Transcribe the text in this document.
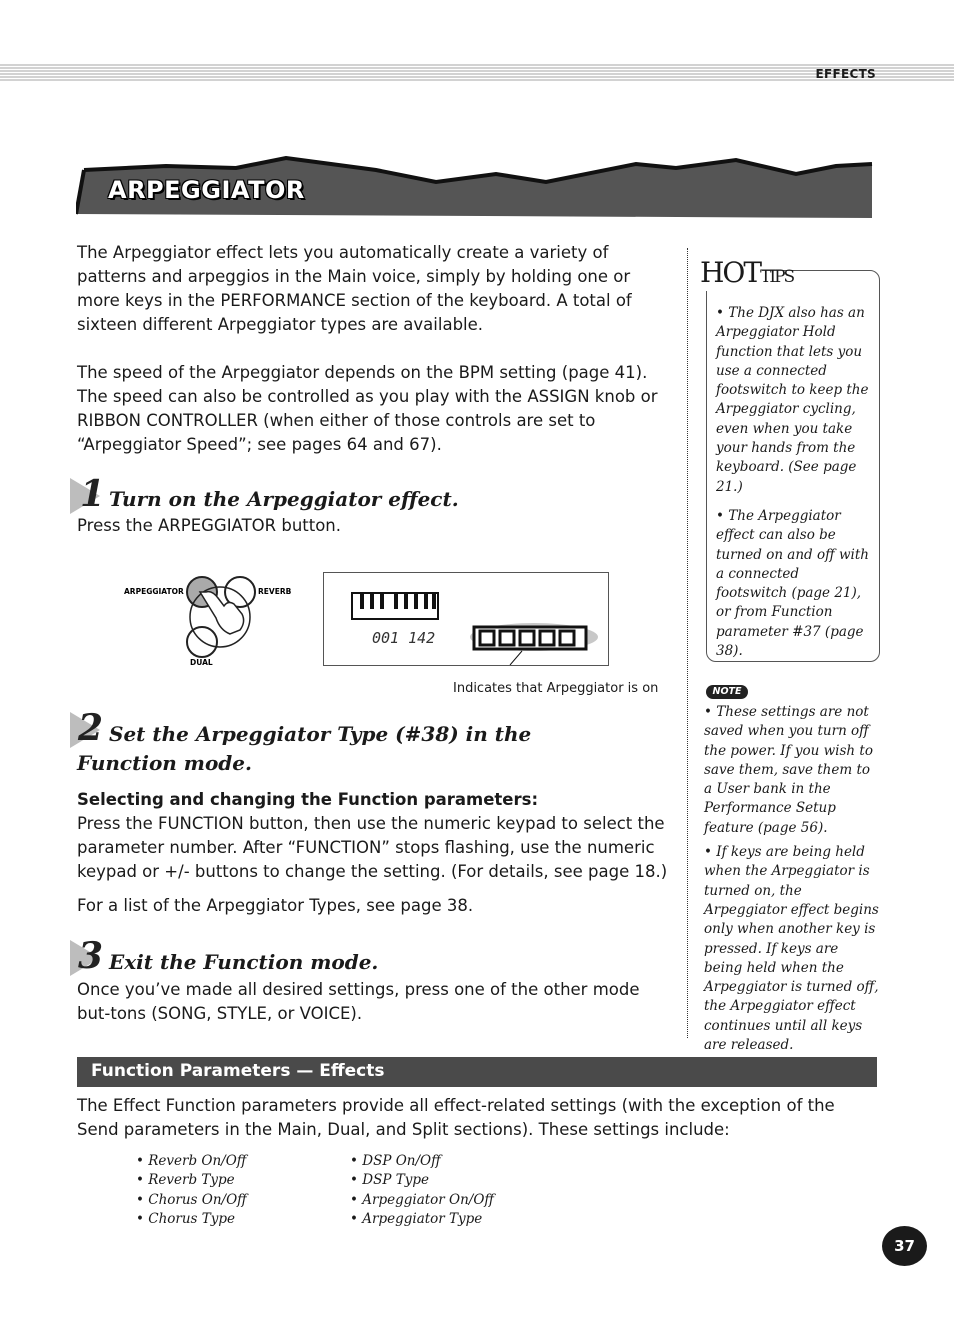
EFFECTS
ARPEGGIATOR

The Arpeggiator effect lets you automatically create a variety of patterns and arpeggios in the Main voice, simply by holding one or more keys in the PERFORMANCE section of the keyboard. A total of sixteen different Arpeggiator types are available.

The speed of the Arpeggiator depends on the BPM setting (page 41). The speed can also be controlled as you play with the ASSIGN knob or RIBBON CONTROLLER (when either of those controls are set to “Arpeggiator Speed”; see pages 64 and 67).

1 Turn on the Arpeggiator effect.
Press the ARPEGGIATOR button.
ARPEGGIATOR	REVERB
DUAL
001 142
Indicates that Arpeggiator is on
2 Set the Arpeggiator Type (#38) in the Function mode.

Selecting and changing the Function parameters:

Press the FUNCTION button, then use the numeric keypad to select the parameter number. After “FUNCTION” stops flashing, use the numeric keypad or +/- buttons to change the setting. (For details, see page 18.)

For a list of the Arpeggiator Types, see page 38.

3 Exit the Function mode.
Once you’ve made all desired settings, press one of the other mode but-tons (SONG, STYLE, or VOICE).
HOTTIPS

• The DJX also has an Arpeggiator Hold function that lets you use a connected footswitch to keep the Arpeggiator cycling, even when you take your hands from the keyboard. (See page 21.)

• The Arpeggiator effect can also be turned on and off with a connected footswitch (page 21), or from Function parameter #37 (page 38).

NOTE

• These settings are not saved when you turn off the power. If you wish to save them, save them to a User bank in the Performance Setup feature (page 56).

• If keys are being held when the Arpeggiator is turned on, the Arpeggiator effect begins only when another key is pressed. If keys are being held when the Arpeggiator is turned off, the Arpeggiator effect continues until all keys are released.

Function Parameters — Effects
The Effect Function parameters provide all effect-related settings (with the exception of the Send parameters in the Main, Dual, and Split sections). These settings include:
• Reverb On/Off
• Reverb Type
• Chorus On/Off
• Chorus Type
• DSP On/Off
• DSP Type
• Arpeggiator On/Off
• Arpeggiator Type
37
